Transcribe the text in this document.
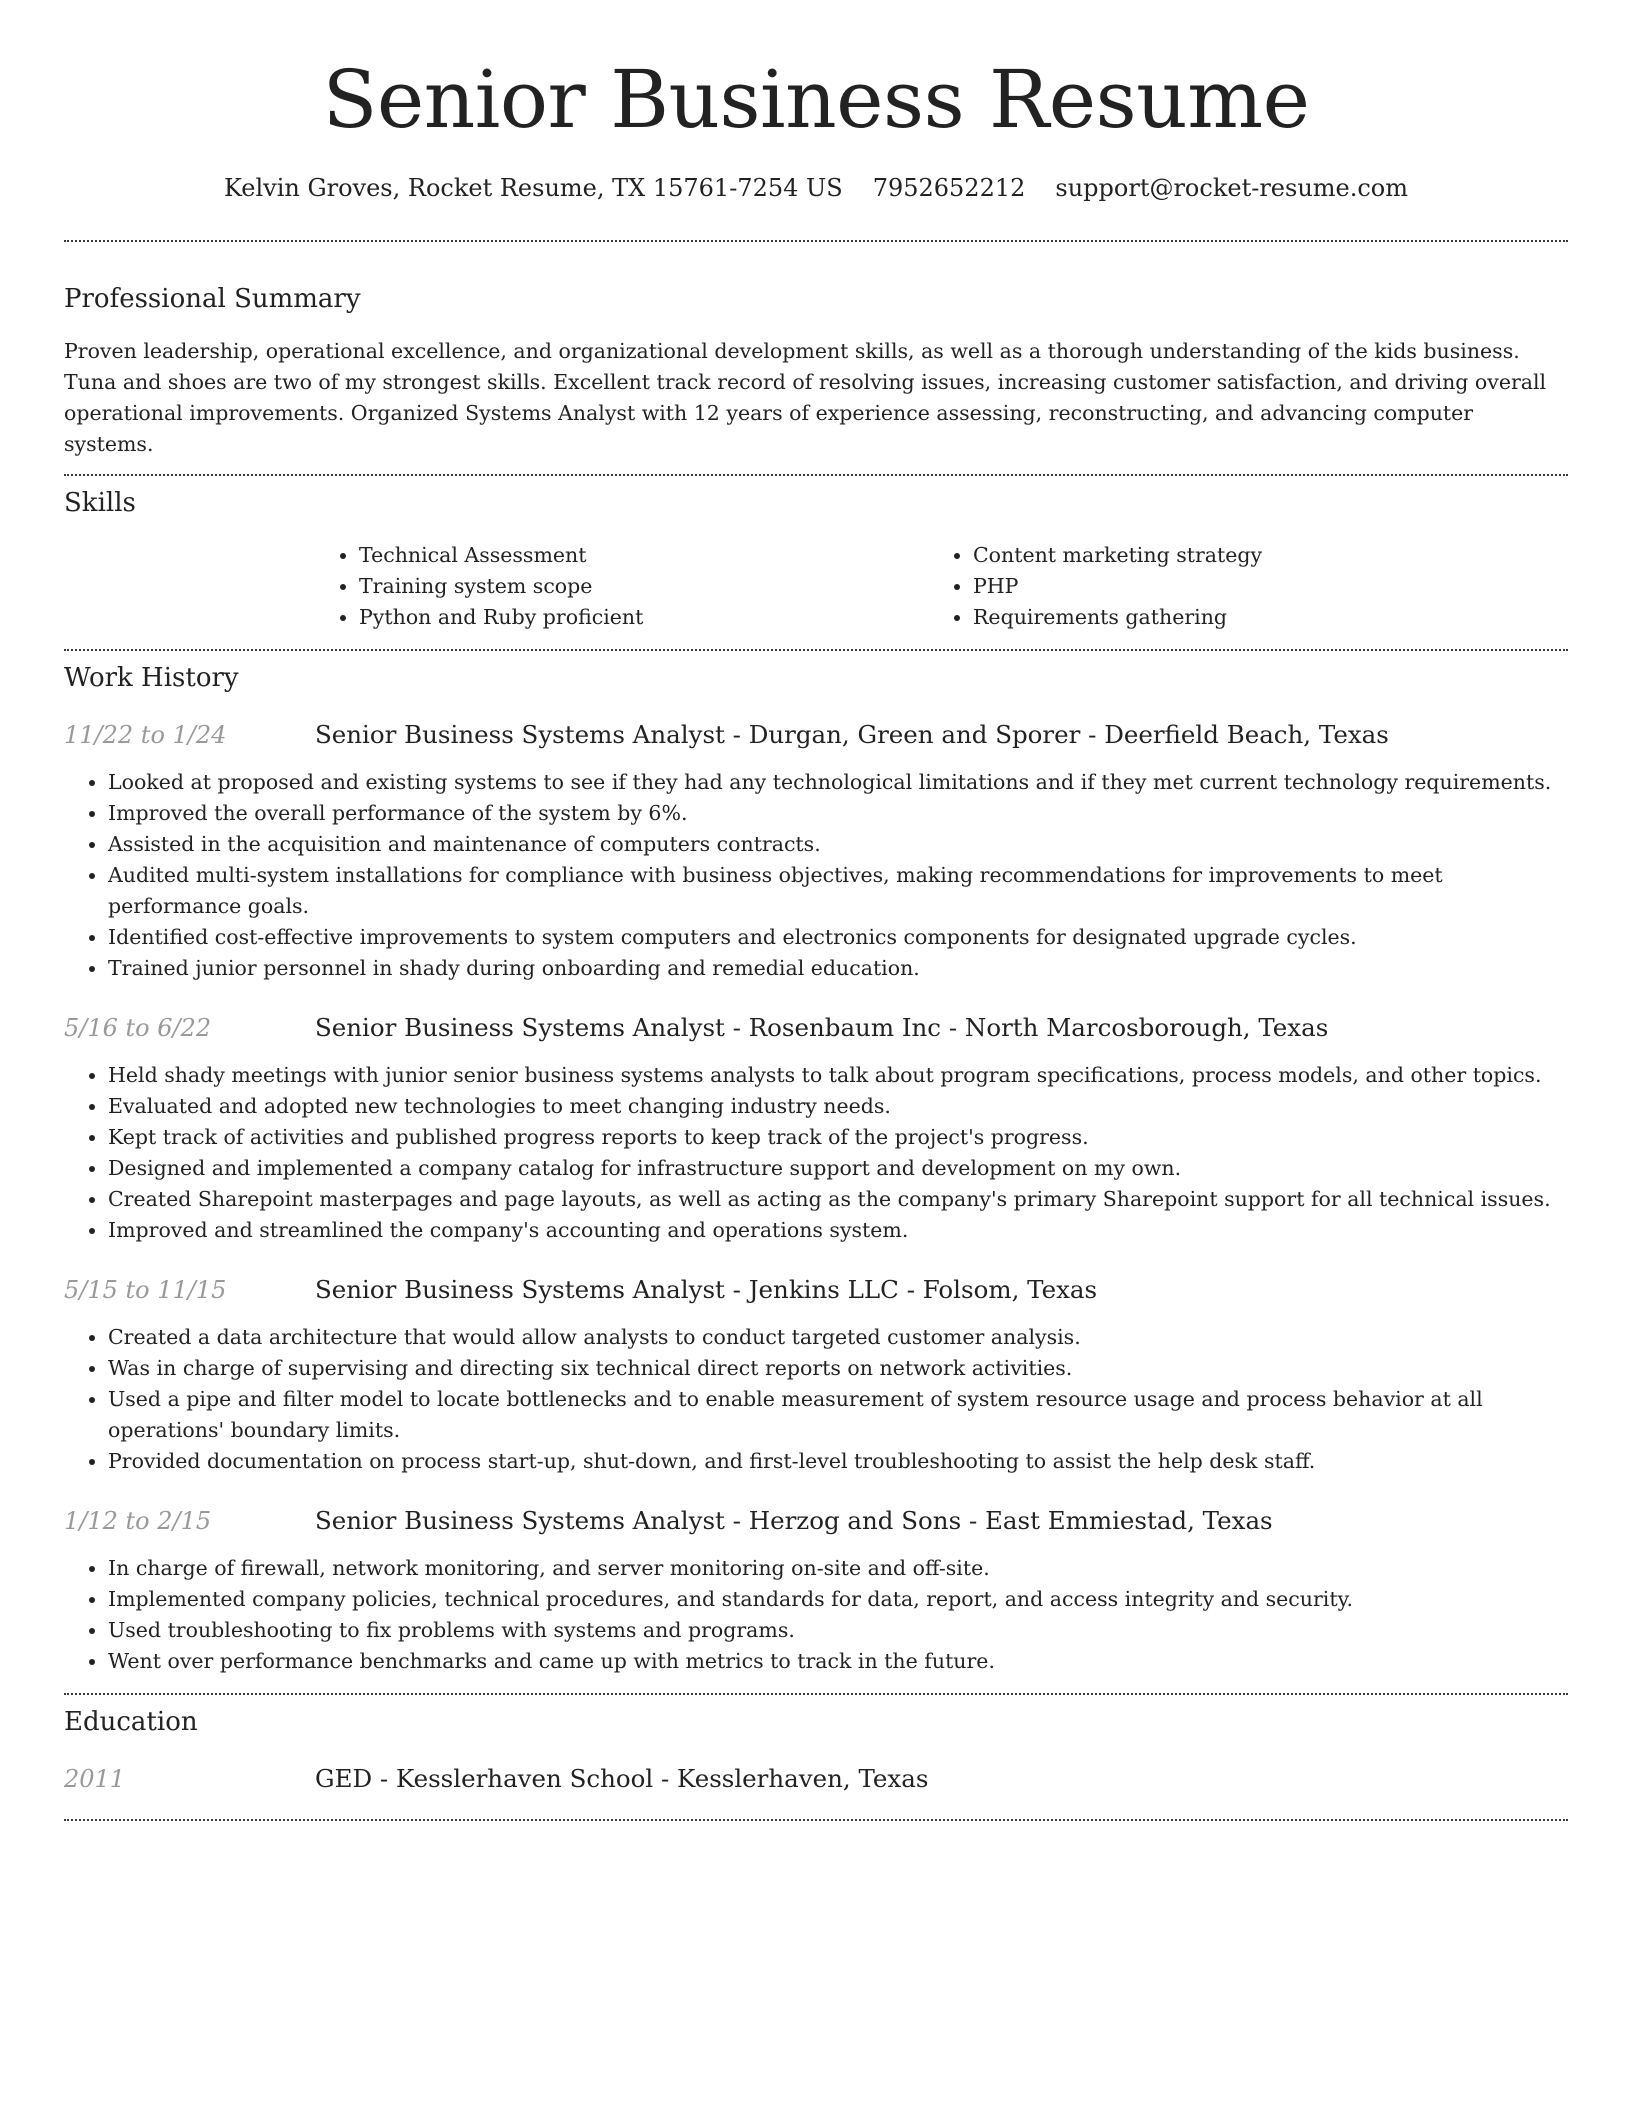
Senior Business Resume
Kelvin Groves, Rocket Resume, TX 15761-7254 US 7952652212 support@rocket-resume.com
Professional Summary

Proven leadership, operational excellence, and organizational development skills, as well as a thorough understanding of the kids business. Tuna and shoes are two of my strongest skills. Excellent track record of resolving issues, increasing customer satisfaction, and driving overall operational improvements. Organized Systems Analyst with 12 years of experience assessing, reconstructing, and advancing computer systems.

Skills
• Technical Assessment
• Training system scope
• Python and Ruby proficient
• Content marketing strategy
• PHP
• Requirements gathering
Work History
11/22 to 1/24	Senior Business Systems Analyst - Durgan, Green and Sporer - Deerfield Beach, Texas
• Looked at proposed and existing systems to see if they had any technological limitations and if they met current technology requirements.
• Improved the overall performance of the system by 6%.
• Assisted in the acquisition and maintenance of computers contracts.
• Audited multi-system installations for compliance with business objectives, making recommendations for improvements to meet performance goals.
• Identified cost-effective improvements to system computers and electronics components for designated upgrade cycles.
• Trained junior personnel in shady during onboarding and remedial education.
5/16 to 6/22	Senior Business Systems Analyst - Rosenbaum Inc - North Marcosborough, Texas
• Held shady meetings with junior senior business systems analysts to talk about program specifications, process models, and other topics.
• Evaluated and adopted new technologies to meet changing industry needs.
• Kept track of activities and published progress reports to keep track of the project's progress.
• Designed and implemented a company catalog for infrastructure support and development on my own.
• Created Sharepoint masterpages and page layouts, as well as acting as the company's primary Sharepoint support for all technical issues.
• Improved and streamlined the company's accounting and operations system.
5/15 to 11/15	Senior Business Systems Analyst - Jenkins LLC - Folsom, Texas
• Created a data architecture that would allow analysts to conduct targeted customer analysis.
• Was in charge of supervising and directing six technical direct reports on network activities.
• Used a pipe and filter model to locate bottlenecks and to enable measurement of system resource usage and process behavior at all operations' boundary limits.
• Provided documentation on process start-up, shut-down, and first-level troubleshooting to assist the help desk staff.
1/12 to 2/15	Senior Business Systems Analyst - Herzog and Sons - East Emmiestad, Texas
• In charge of firewall, network monitoring, and server monitoring on-site and off-site.
• Implemented company policies, technical procedures, and standards for data, report, and access integrity and security.
• Used troubleshooting to fix problems with systems and programs.
• Went over performance benchmarks and came up with metrics to track in the future.
Education
2011	GED - Kesslerhaven School - Kesslerhaven, Texas
